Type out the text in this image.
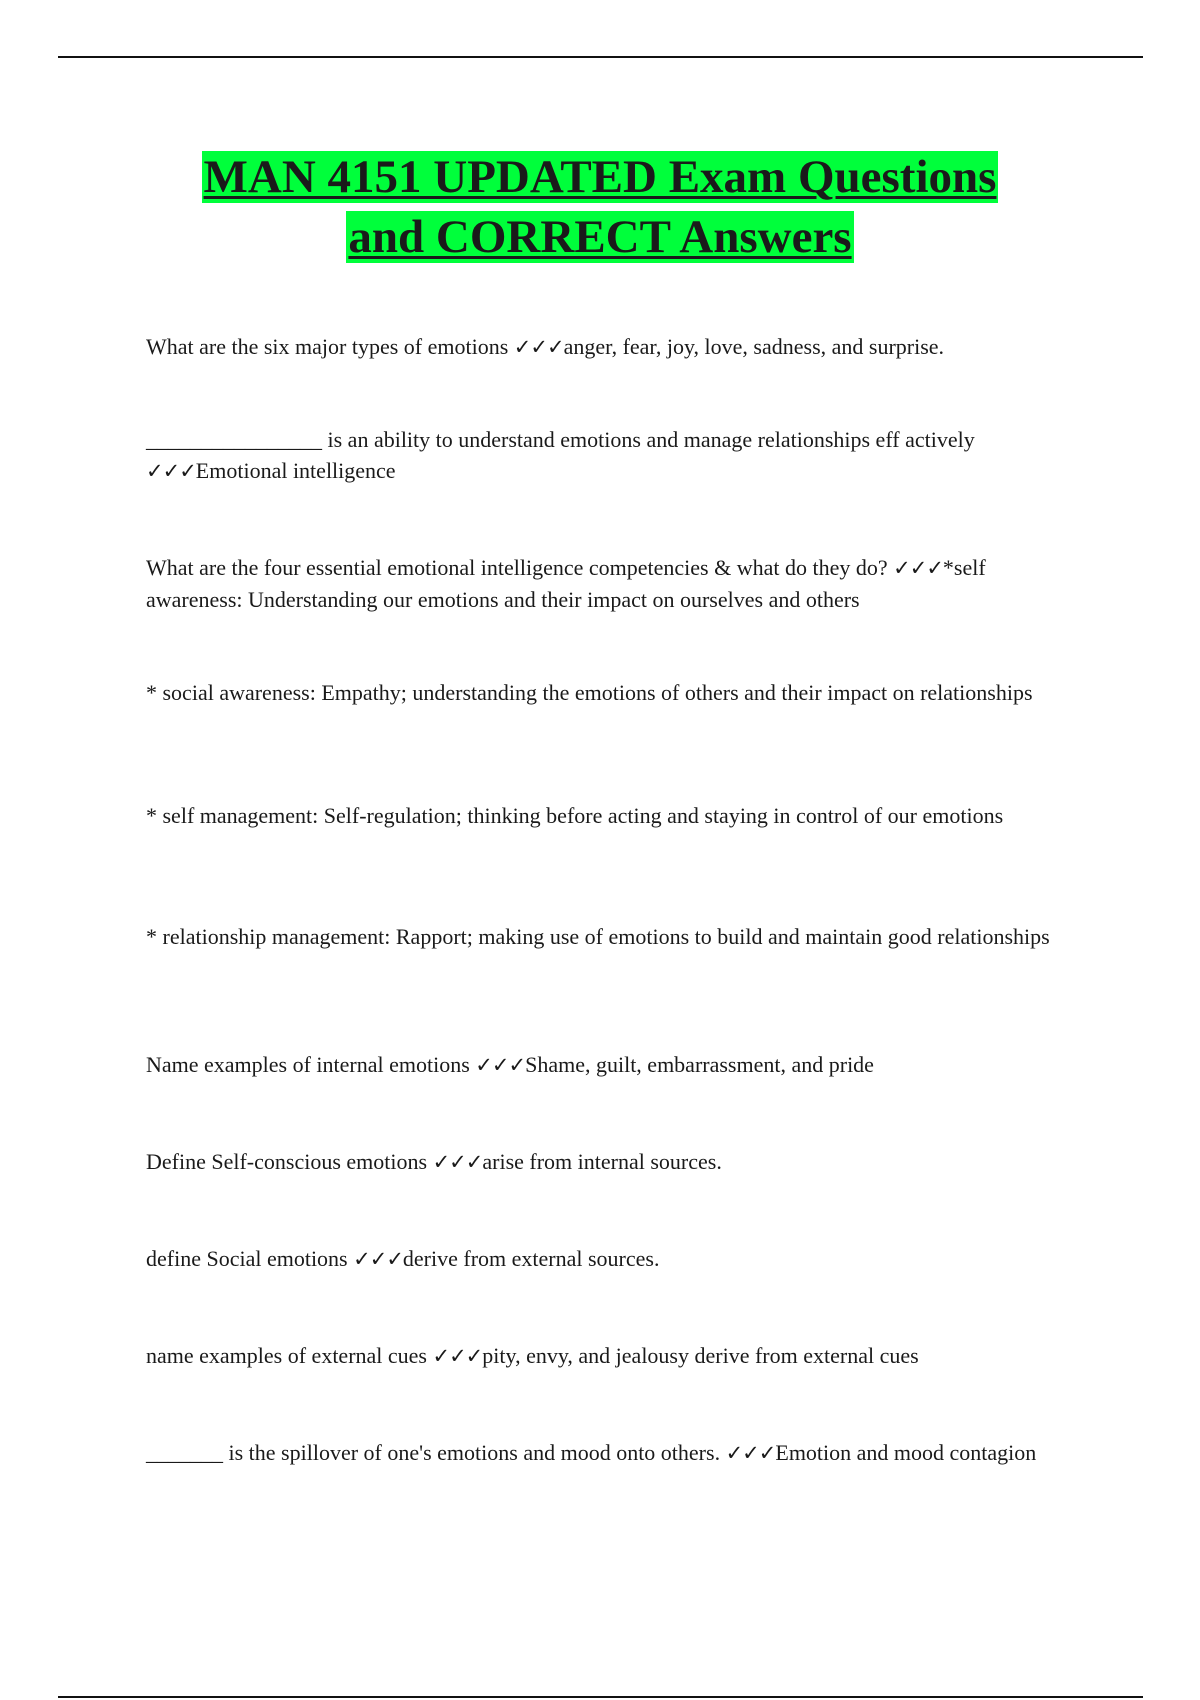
MAN 4151 UPDATED Exam Questions
and CORRECT Answers

What are the six major types of emotions ✓✓✓anger, fear, joy, love, sadness, and surprise.

________________ is an ability to understand emotions and manage relationships eff actively ✓✓✓Emotional intelligence

What are the four essential emotional intelligence competencies & what do they do? ✓✓✓*self awareness: Understanding our emotions and their impact on ourselves and others

* social awareness: Empathy; understanding the emotions of others and their impact on relationships

* self management: Self-regulation; thinking before acting and staying in control of our emotions

* relationship management: Rapport; making use of emotions to build and maintain good relationships

Name examples of internal emotions ✓✓✓Shame, guilt, embarrassment, and pride

Define Self-conscious emotions ✓✓✓arise from internal sources.

define Social emotions ✓✓✓derive from external sources.

name examples of external cues ✓✓✓pity, envy, and jealousy derive from external cues

_______ is the spillover of one's emotions and mood onto others. ✓✓✓Emotion and mood contagion
